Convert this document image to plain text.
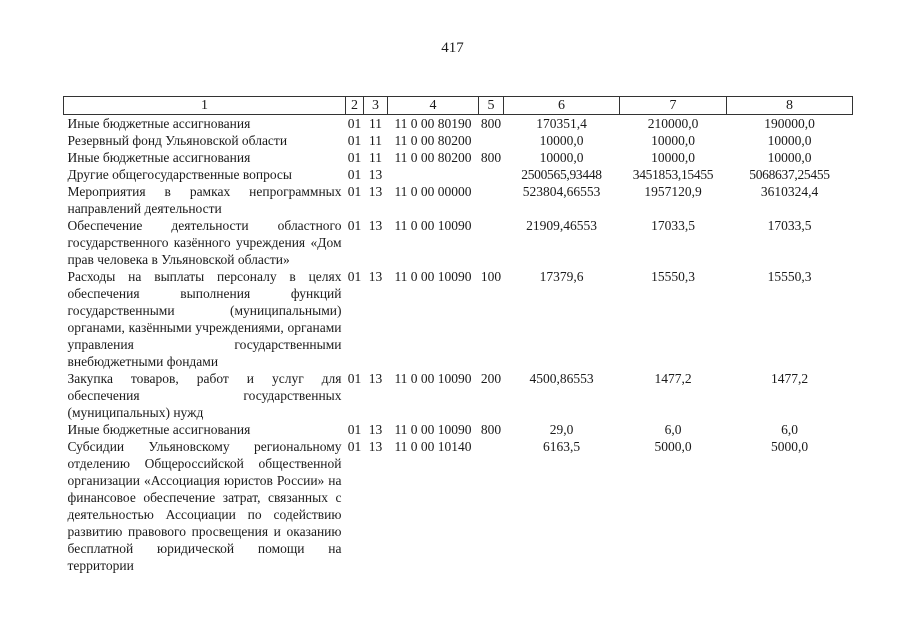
417
1	2	3	4	5	6	7	8
Иные бюджетные ассигнования	01	11	11 0 00 80190	800	170351,4	210000,0	190000,0
Резервный фонд Ульяновской области	01	11	11 0 00 80200		10000,0	10000,0	10000,0
Иные бюджетные ассигнования	01	11	11 0 00 80200	800	10000,0	10000,0	10000,0
Другие общегосударственные вопросы	01	13			2500565,93448	3451853,15455	5068637,25455
Мероприятия в рамках непрограммных направлений деятельности	01	13	11 0 00 00000		523804,66553	1957120,9	3610324,4
Обеспечение деятельности областного государственного казённого учреждения «Дом прав человека в Ульяновской области»	01	13	11 0 00 10090		21909,46553	17033,5	17033,5
Расходы на выплаты персоналу в целях обеспечения выполнения функций государственными (муниципальными) органами, казёнными учреждениями, органами управления государственными внебюджетными фондами	01	13	11 0 00 10090	100	17379,6	15550,3	15550,3
Закупка товаров, работ и услуг для обеспечения государственных (муниципальных) нужд	01	13	11 0 00 10090	200	4500,86553	1477,2	1477,2
Иные бюджетные ассигнования	01	13	11 0 00 10090	800	29,0	6,0	6,0
Субсидии Ульяновскому региональному отделению Общероссийской общественной организации «Ассоциация юристов России» на финансовое обеспечение затрат, связанных с деятельностью Ассоциации по содействию развитию правового просвещения и оказанию бесплатной юридической помощи на территории	01	13	11 0 00 10140		6163,5	5000,0	5000,0
